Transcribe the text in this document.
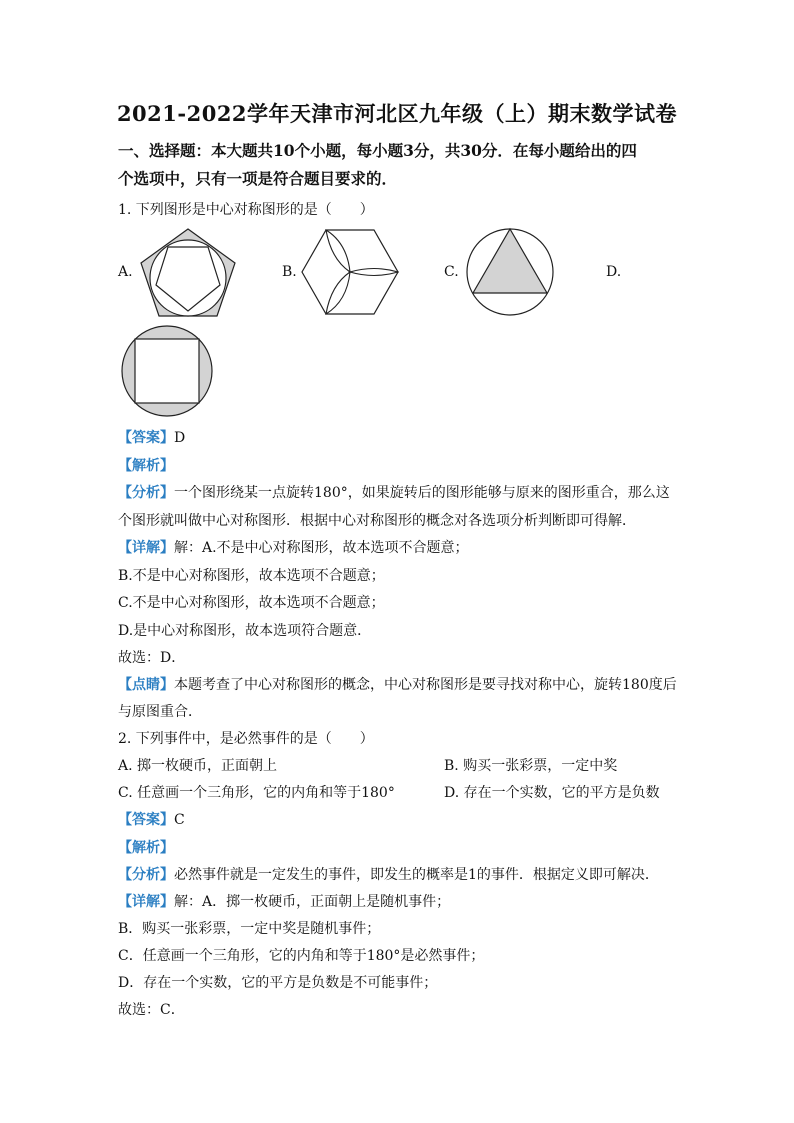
2021-2022学年天津市河北区九年级（上）期末数学试卷
一、选择题：本大题共10个小题，每小题3分，共30分．在每小题给出的四
个选项中，只有一项是符合题目要求的．
1. 下列图形是中心对称图形的是（　　）
A.	B.	C.	D.
【答案】D
【解析】
【分析】一个图形绕某一点旋转180°，如果旋转后的图形能够与原来的图形重合，那么这
个图形就叫做中心对称图形．根据中心对称图形的概念对各选项分析判断即可得解．
【详解】解：A.不是中心对称图形，故本选项不合题意；
B.不是中心对称图形，故本选项不合题意；
C.不是中心对称图形，故本选项不合题意；
D.是中心对称图形，故本选项符合题意．
故选：D．
【点睛】本题考查了中心对称图形的概念，中心对称图形是要寻找对称中心，旋转180度后
与原图重合．
2. 下列事件中，是必然事件的是（　　）
A. 掷一枚硬币，正面朝上	B. 购买一张彩票，一定中奖
C. 任意画一个三角形，它的内角和等于180°	D. 存在一个实数，它的平方是负数
【答案】C
【解析】
【分析】必然事件就是一定发生的事件，即发生的概率是1的事件．根据定义即可解决．
【详解】解：A．掷一枚硬币，正面朝上是随机事件；
B．购买一张彩票，一定中奖是随机事件；
C．任意画一个三角形，它的内角和等于180°是必然事件；
D．存在一个实数，它的平方是负数是不可能事件；
故选：C．
